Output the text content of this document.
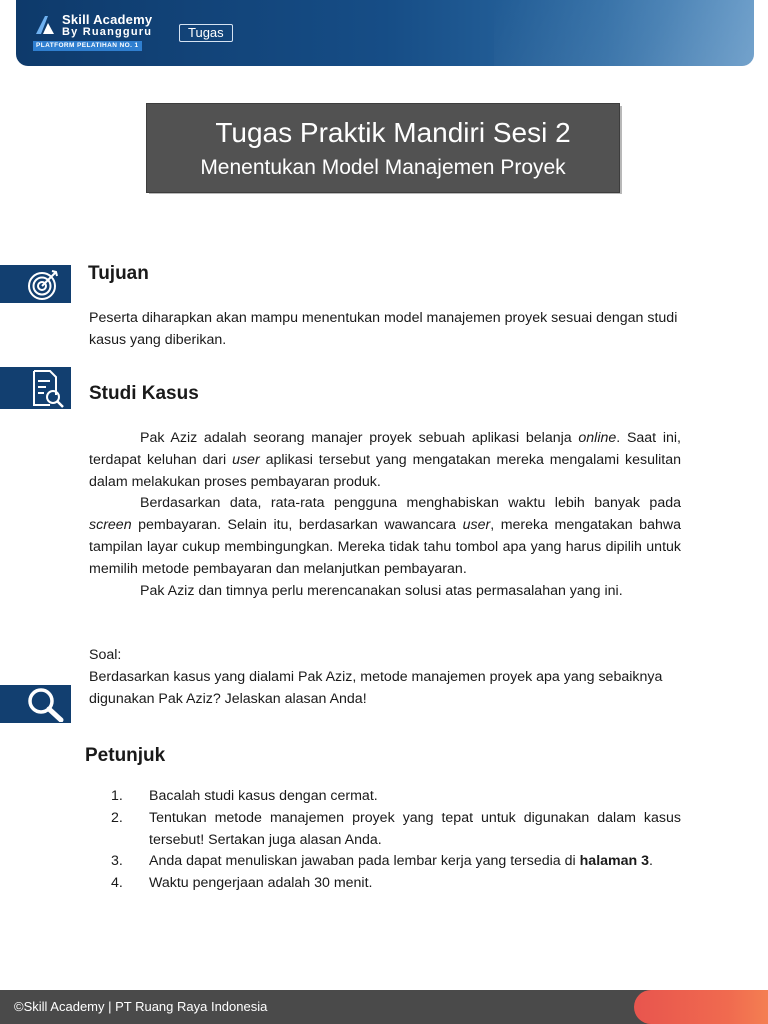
Skill Academy
By Ruangguru
PLATFORM PELATIHAN NO. 1
Tugas
Tugas Praktik Mandiri Sesi 2
Menentukan Model Manajemen Proyek
Tujuan

Peserta diharapkan akan mampu menentukan model manajemen proyek sesuai dengan studi kasus yang diberikan.

Studi Kasus

Pak Aziz adalah seorang manajer proyek sebuah aplikasi belanja online. Saat ini, terdapat keluhan dari user aplikasi tersebut yang mengatakan mereka mengalami kesulitan dalam melakukan proses pembayaran produk.
Berdasarkan data, rata-rata pengguna menghabiskan waktu lebih banyak pada screen pembayaran. Selain itu, berdasarkan wawancara user, mereka mengatakan bahwa tampilan layar cukup membingungkan. Mereka tidak tahu tombol apa yang harus dipilih untuk memilih metode pembayaran dan melanjutkan pembayaran.
Pak Aziz dan timnya perlu merencanakan solusi atas permasalahan yang ini.

Soal:
Berdasarkan kasus yang dialami Pak Aziz, metode manajemen proyek apa yang sebaiknya digunakan Pak Aziz? Jelaskan alasan Anda!

Petunjuk
1. Bacalah studi kasus dengan cermat.
2. Tentukan metode manajemen proyek yang tepat untuk digunakan dalam kasus tersebut! Sertakan juga alasan Anda.
3. Anda dapat menuliskan jawaban pada lembar kerja yang tersedia di halaman 3.
4. Waktu pengerjaan adalah 30 menit.
©Skill Academy | PT Ruang Raya Indonesia
